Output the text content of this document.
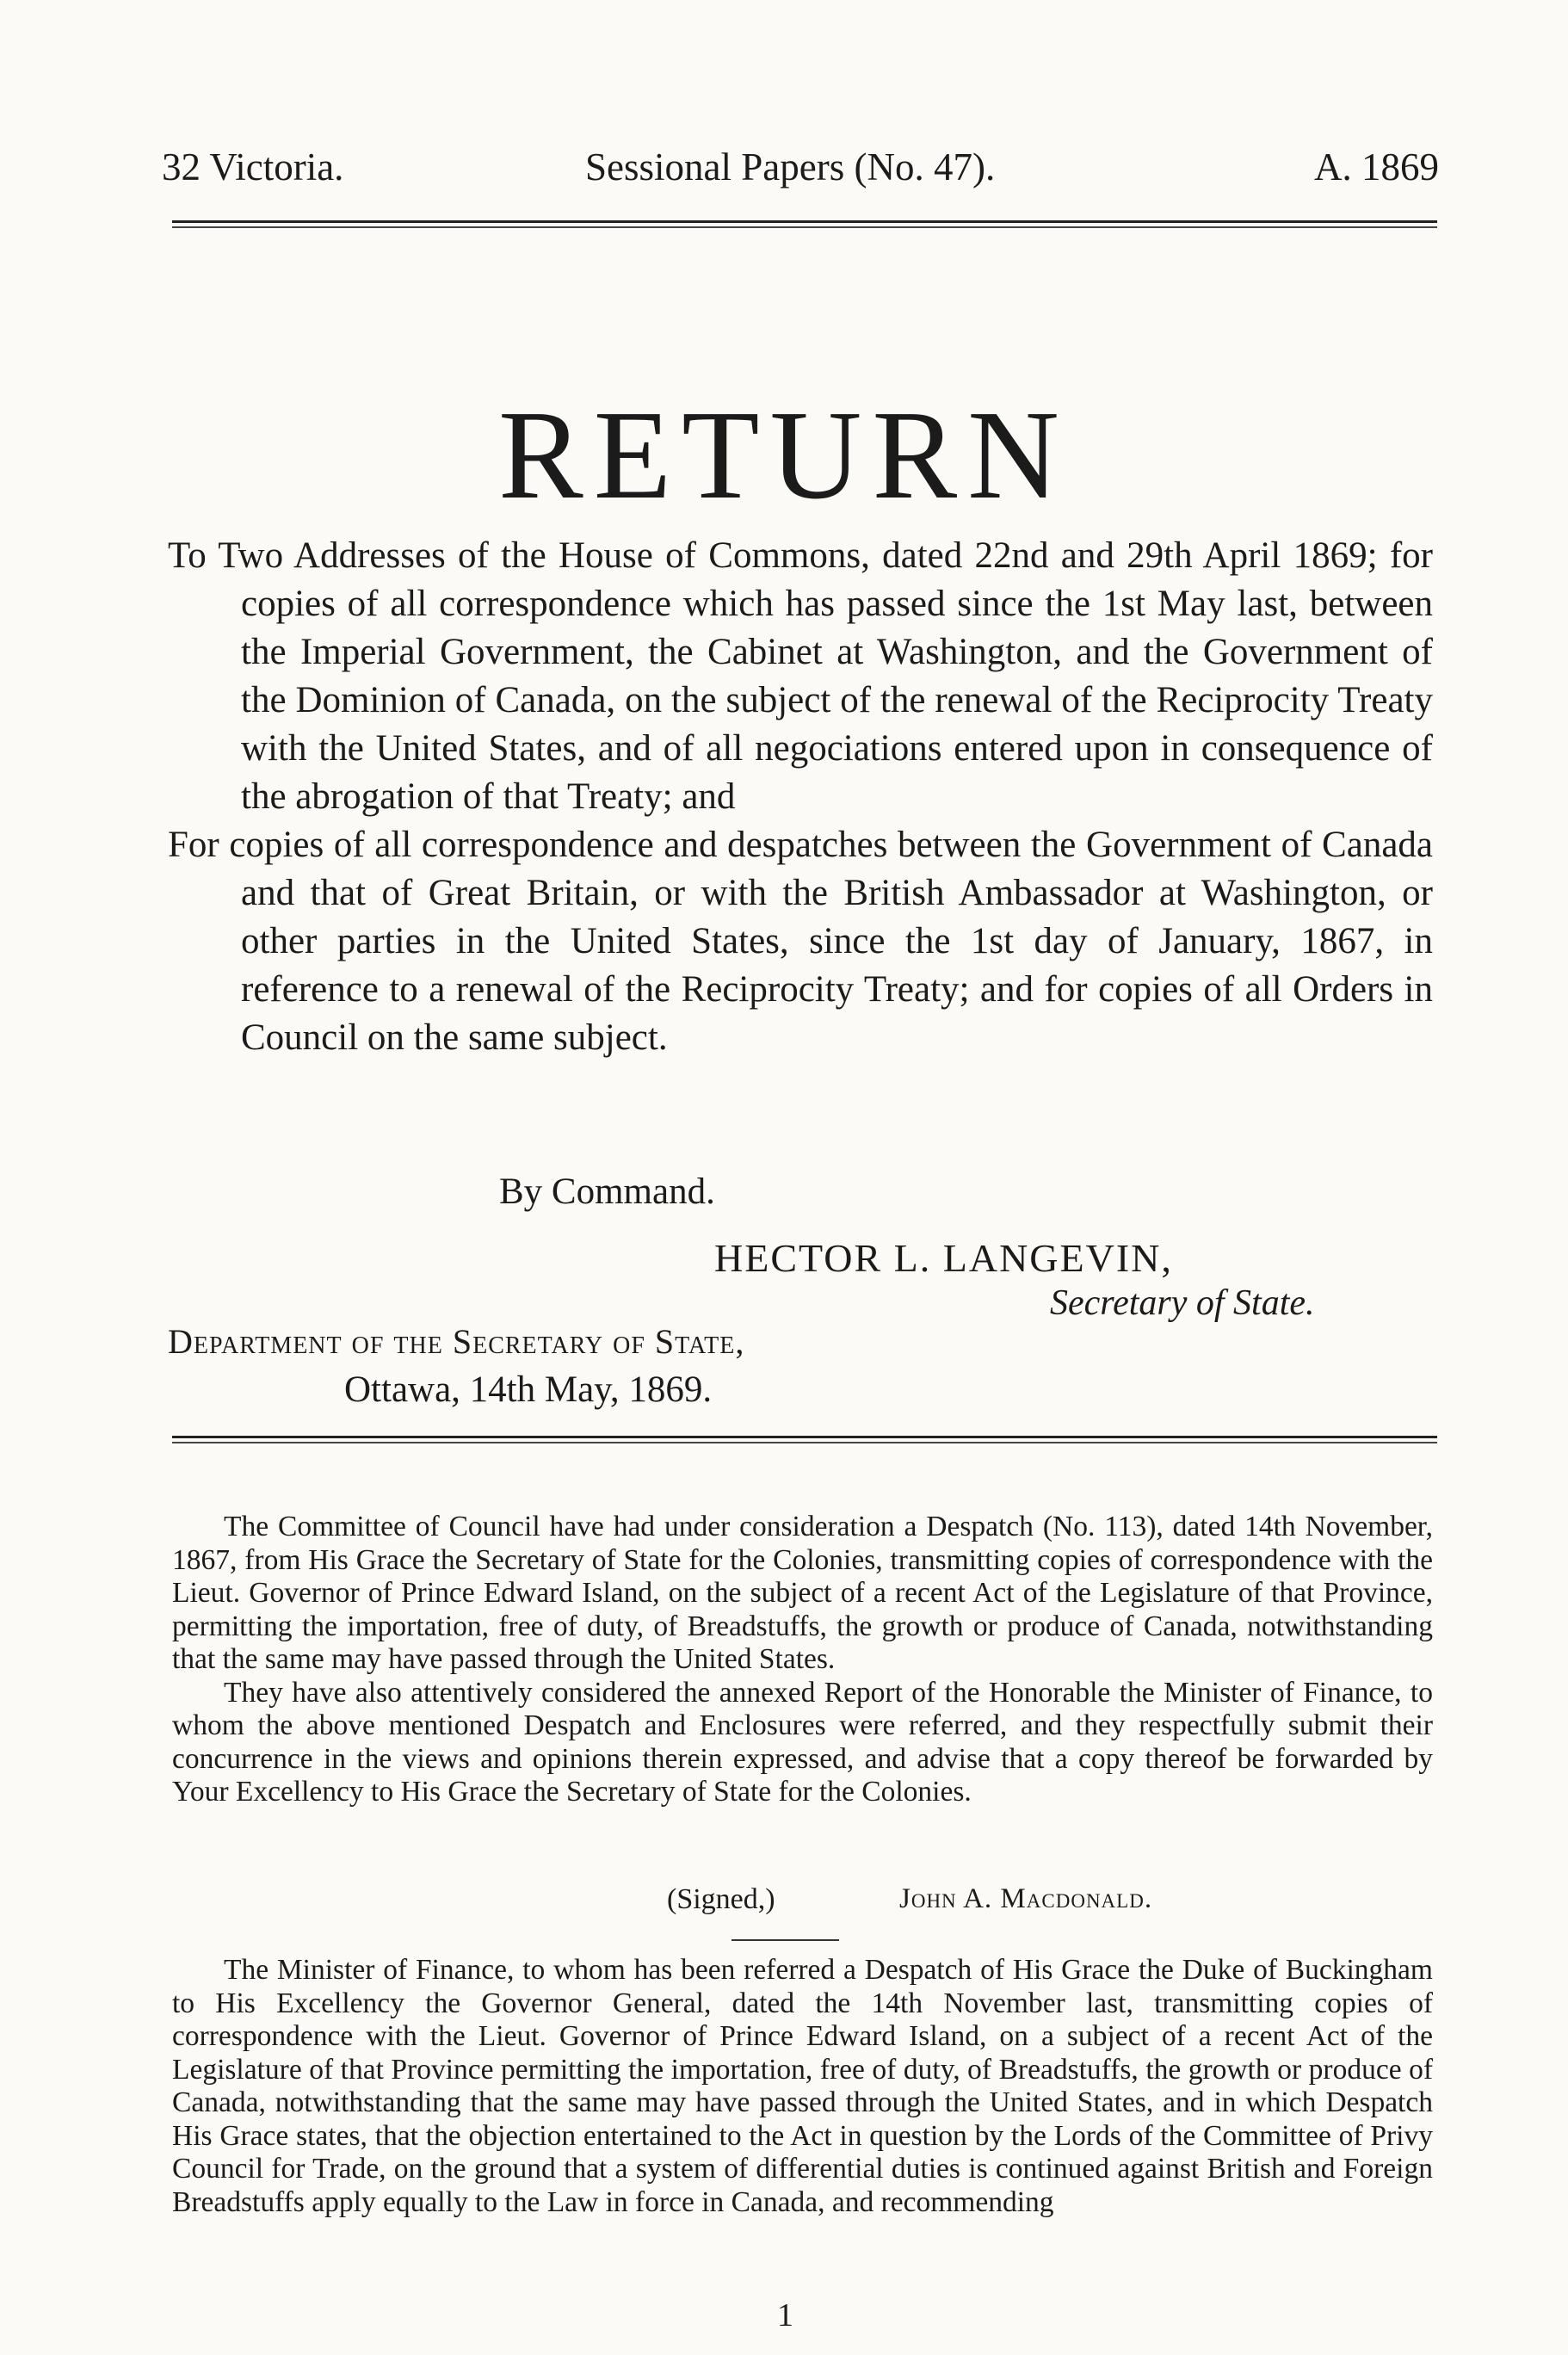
32 Victoria.	Sessional Papers (No. 47).	A. 1869
RETURN

To Two Addresses of the House of Commons, dated 22nd and 29th April 1869; for copies of all correspondence which has passed since the 1st May last, between the Imperial Government, the Cabinet at Washington, and the Government of the Dominion of Canada, on the subject of the renewal of the Reciprocity Treaty with the United States, and of all negociations entered upon in consequence of the abrogation of that Treaty; and

For copies of all correspondence and despatches between the Government of Canada and that of Great Britain, or with the British Ambassador at Washington, or other parties in the United States, since the 1st day of January, 1867, in reference to a renewal of the Reciprocity Treaty; and for copies of all Orders in Council on the same subject.

By Command.
HECTOR L. LANGEVIN,
Secretary of State.
Department of the Secretary of State,
Ottawa, 14th May, 1869.

The Committee of Council have had under consideration a Despatch (No. 113), dated 14th November, 1867, from His Grace the Secretary of State for the Colonies, transmitting copies of correspondence with the Lieut. Governor of Prince Edward Island, on the subject of a recent Act of the Legislature of that Province, permitting the importation, free of duty, of Breadstuffs, the growth or produce of Canada, notwithstanding that the same may have passed through the United States.

They have also attentively considered the annexed Report of the Honorable the Minister of Finance, to whom the above mentioned Despatch and Enclosures were referred, and they respectfully submit their concurrence in the views and opinions therein expressed, and advise that a copy thereof be forwarded by Your Excellency to His Grace the Secretary of State for the Colonies.

(Signed,)	John A. Macdonald.

The Minister of Finance, to whom has been referred a Despatch of His Grace the Duke of Buckingham to His Excellency the Governor General, dated the 14th November last, transmitting copies of correspondence with the Lieut. Governor of Prince Edward Island, on a subject of a recent Act of the Legislature of that Province permitting the importation, free of duty, of Breadstuffs, the growth or produce of Canada, notwithstanding that the same may have passed through the United States, and in which Despatch His Grace states, that the objection entertained to the Act in question by the Lords of the Committee of Privy Council for Trade, on the ground that a system of differential duties is continued against British and Foreign Breadstuffs apply equally to the Law in force in Canada, and recommending

1
